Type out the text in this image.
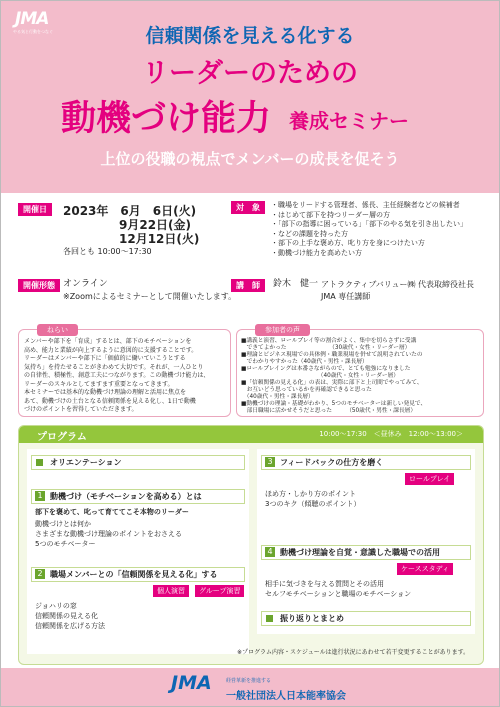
JMA
やる気と行動をつなぐ	信頼関係を見える化する
リーダーのための
動機づけ能力 養成セミナー
上位の役職の視点でメンバーの成長を促そう
開催日	2023年　6月　6日(火)
9月22日(金)
12月12日(火)
各回とも 10:00～17:30
対　象
・	職場をリードする管理者、係長、主任経験者などの候補者
・ はじめて部下を持つリーダー層の方
・ 「部下の指導に困っている」「部下のやる気を引き出したい」
・ などの課題を持った方
・ 部下の上手な褒め方、叱り方を身につけたい方
・ 動機づけ能力を高めたい方
開催形態 オンライン
※Zoomによるセミナーとして開催いたします。
講　師	鈴木　健一 アトラクティブバリュー㈱ 代表取締役社長
JMA 専任講師
ねらい
メンバーや部下を「育成」するとは、部下のモチベーションを
高め、能力と業績が向上するように意図的に支援することです。
リーダーはメンバーや部下に「価値的に働いていこうとする
気持ち」を持たせることがきわめて大切です。それが、一人ひとり
の自律性、積極性、創意工夫につながります。この動機づけ能力は、
リーダーのスキルとしてますます重要となってきます。
本セミナーでは基本的な動機づけ理論の理解と活用に焦点を
あて、動機づけの土台となる信頼関係を見える化し、1日で動機
づけのポイントを習得していただきます。
参加者の声
■講義と演習、ロールプレイ等の割合がよく、集中を切らさずに受講
　できてよかった　　　　　　　　（30歳代・女性・リーダー層）
■理論とビジネス現場での具体例・職業現場を併せて説明されていたの
　でわかりやすかった（40歳代・男性・課長層）
■ロールプレイングは本番さながらので、とても勉強になりました
　　　　　　　　　　　　　　（40歳代・女性・リーダー層）
■「信頼関係の見える化」の表は、実際に部下と上司間でやってみて、
　お互いどう思っているかを再確認できると思った
　（40歳代・男性・課長層）
■動機づけの理論・基礎がわかり、5つのモチベーターは新しい発見で、
　部日職場に活かせそうだと思った　　　（50歳代・男性・課長層）
プログラム	10:00～17:30　＜昼休み　12:00～13:00＞
オリエンテーション
1 動機づけ（モチベーションを高める）とは
部下を褒めて、叱って育ててこそ本物のリーダー
動機づけとは何か
さまざまな動機づけ理論のポイントをおさえる
5つのモチベーター
2 職場メンバーとの「信頼関係を見える化」する
個人演習	グループ演習
ジョハリの窓
信頼関係の見える化
信頼関係を広げる方法
3 フィードバックの仕方を磨く
ロールプレイ
ほめ方・しかり方のポイント
3つのキク（傾聴のポイント）
4 動機づけ理論を自覚・意識した職場での活用
ケーススタディ
相手に気づきを与える質問とその活用
セルフモチベーションと職場のモチベーション
振り返りとまとめ
※プログラム内容・スケジュールは進行状況にあわせて若干変更することがあります。
JMA	経営革新を推進する
一般社団法人日本能率協会
